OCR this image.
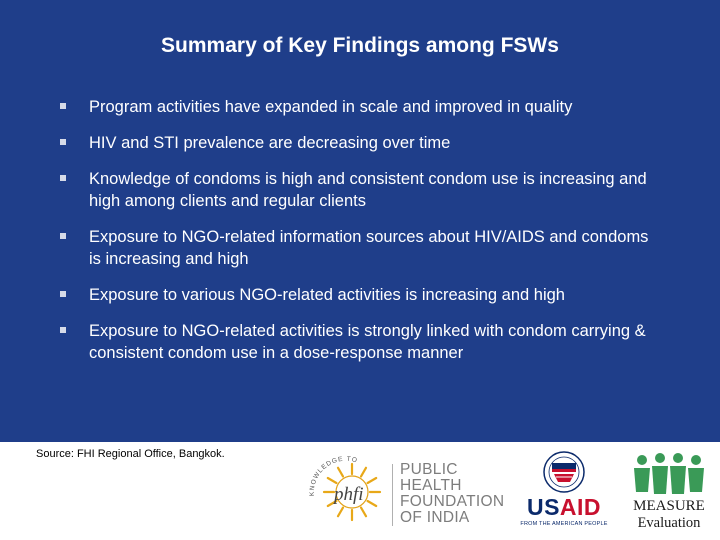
Summary of Key Findings among FSWs
Program activities have expanded in scale and improved in quality
HIV and STI prevalence are decreasing over time
Knowledge of condoms is high and consistent condom use is increasing and high among clients and regular clients
Exposure to NGO-related information sources about HIV/AIDS and condoms is increasing and high
Exposure to various NGO-related activities is increasing and high
Exposure to NGO-related activities is strongly linked with condom carrying & consistent condom use in a dose-response manner
Source: FHI Regional Office, Bangkok.
KNOWLEDGE TO
phfi
PUBLIC
HEALTH
FOUNDATION
OF INDIA	USAID
FROM THE AMERICAN PEOPLE
MEASURE
Evaluation
